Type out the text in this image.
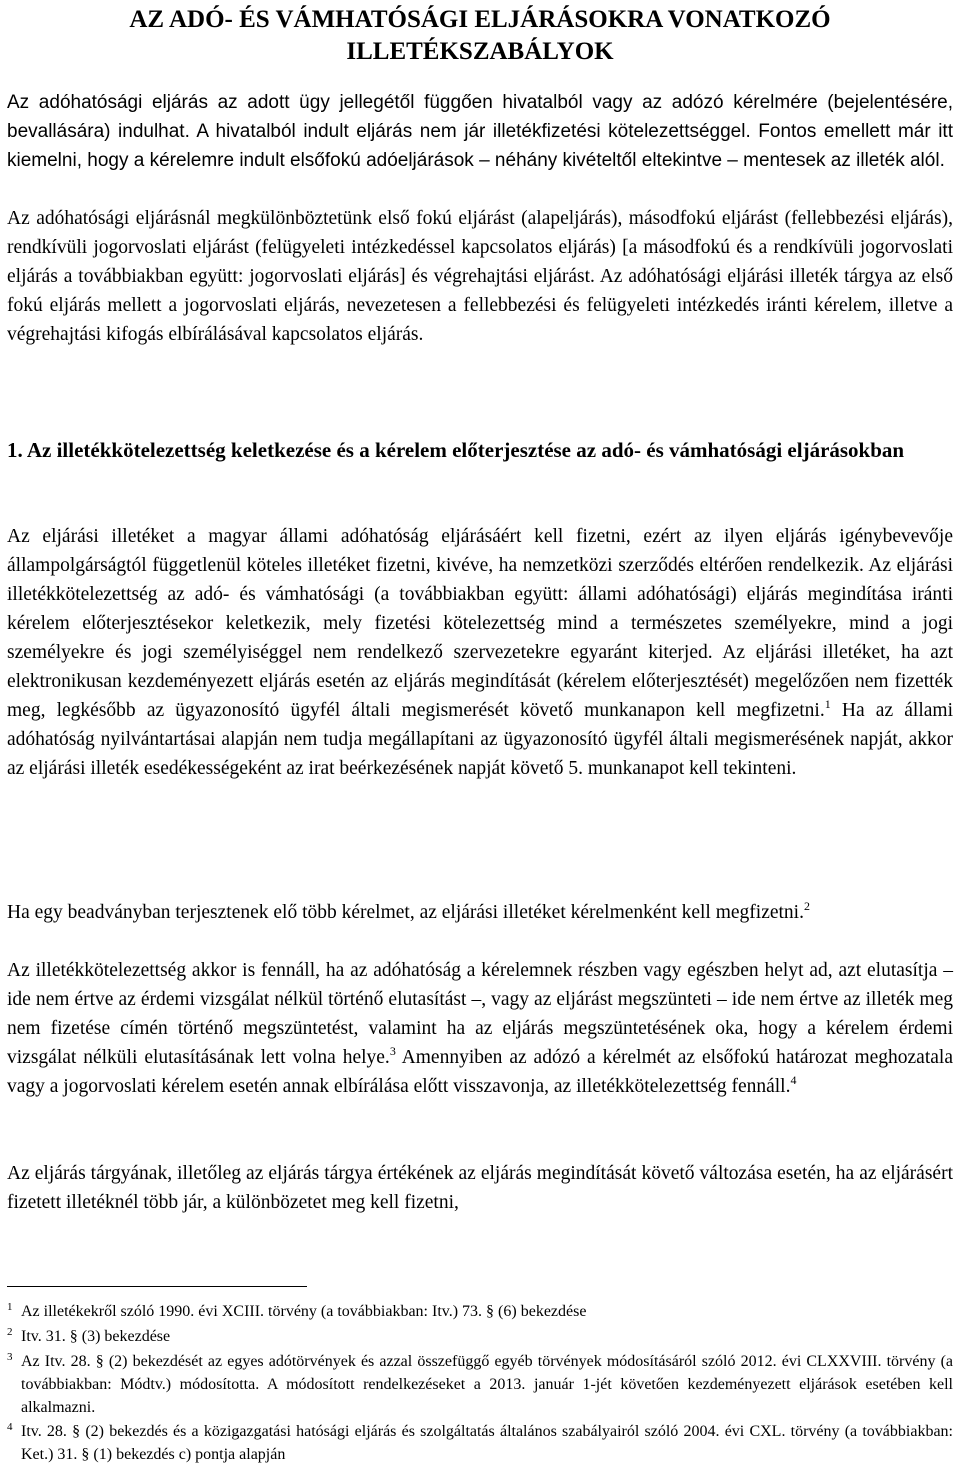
AZ ADÓ- ÉS VÁMHATÓSÁGI ELJÁRÁSOKRA VONATKOZÓ
ILLETÉKSZABÁLYOK
Az adóhatósági eljárás az adott ügy jellegétől függően hivatalból vagy az adózó kérelmére (bejelentésére, bevallására) indulhat. A hivatalból indult eljárás nem jár illetékfizetési kötelezettséggel. Fontos emellett már itt kiemelni, hogy a kérelemre indult elsőfokú adóeljárások – néhány kivételtől eltekintve – mentesek az illeték alól.
Az adóhatósági eljárásnál megkülönböztetünk első fokú eljárást (alapeljárás), másodfokú eljárást (fellebbezési eljárás), rendkívüli jogorvoslati eljárást (felügyeleti intézkedéssel kapcsolatos eljárás) [a másodfokú és a rendkívüli jogorvoslati eljárás a továbbiakban együtt: jogorvoslati eljárás] és végrehajtási eljárást. Az adóhatósági eljárási illeték tárgya az első fokú eljárás mellett a jogorvoslati eljárás, nevezetesen a fellebbezési és felügyeleti intézkedés iránti kérelem, illetve a végrehajtási kifogás elbírálásával kapcsolatos eljárás.
1. Az illetékkötelezettség keletkezése és a kérelem előterjesztése az adó- és vámhatósági eljárásokban
Az eljárási illetéket a magyar állami adóhatóság eljárásáért kell fizetni, ezért az ilyen eljárás igénybevevője állampolgárságtól függetlenül köteles illetéket fizetni, kivéve, ha nemzetközi szerződés eltérően rendelkezik. Az eljárási illetékkötelezettség az adó- és vámhatósági (a továbbiakban együtt: állami adóhatósági) eljárás megindítása iránti kérelem előterjesztésekor keletkezik, mely fizetési kötelezettség mind a természetes személyekre, mind a jogi személyekre és jogi személyiséggel nem rendelkező szervezetekre egyaránt kiterjed. Az eljárási illetéket, ha azt elektronikusan kezdeményezett eljárás esetén az eljárás megindítását (kérelem előterjesztését) megelőzően nem fizették meg, legkésőbb az ügyazonosító ügyfél általi megismerését követő munkanapon kell megfizetni.$^1$ Ha az állami adóhatóság nyilvántartásai alapján nem tudja megállapítani az ügyazonosító ügyfél általi megismerésének napját, akkor az eljárási illeték esedékességeként az irat beérkezésének napját követő 5. munkanapot kell tekinteni.
Ha egy beadványban terjesztenek elő több kérelmet, az eljárási illetéket kérelmenként kell megfizetni.$^2$
Az illetékkötelezettség akkor is fennáll, ha az adóhatóság a kérelemnek részben vagy egészben helyt ad, azt elutasítja – ide nem értve az érdemi vizsgálat nélkül történő elutasítást –, vagy az eljárást megszünteti – ide nem értve az illeték meg nem fizetése címén történő megszüntetést, valamint ha az eljárás megszüntetésének oka, hogy a kérelem érdemi vizsgálat nélküli elutasításának lett volna helye.$^3$ Amennyiben az adózó a kérelmét az elsőfokú határozat meghozatala vagy a jogorvoslati kérelem esetén annak elbírálása előtt visszavonja, az illetékkötelezettség fennáll.$^4$
Az eljárás tárgyának, illetőleg az eljárás tárgya értékének az eljárás megindítását követő változása esetén, ha az eljárásért fizetett illetéknél több jár, a különbözetet meg kell fizetni,
1 Az illetékekről szóló 1990. évi XCIII. törvény (a továbbiakban: Itv.) 73. § (6) bekezdése
2 Itv. 31. § (3) bekezdése
3 Az Itv. 28. § (2) bekezdését az egyes adótörvények és azzal összefüggő egyéb törvények módosításáról szóló 2012. évi CLXXVIII. törvény (a továbbiakban: Módtv.) módosította. A módosított rendelkezéseket a 2013. január 1-jét követően kezdeményezett eljárások esetében kell alkalmazni.
4 Itv. 28. § (2) bekezdés és a közigazgatási hatósági eljárás és szolgáltatás általános szabályairól szóló 2004. évi CXL. törvény (a továbbiakban: Ket.) 31. § (1) bekezdés c) pontja alapján
